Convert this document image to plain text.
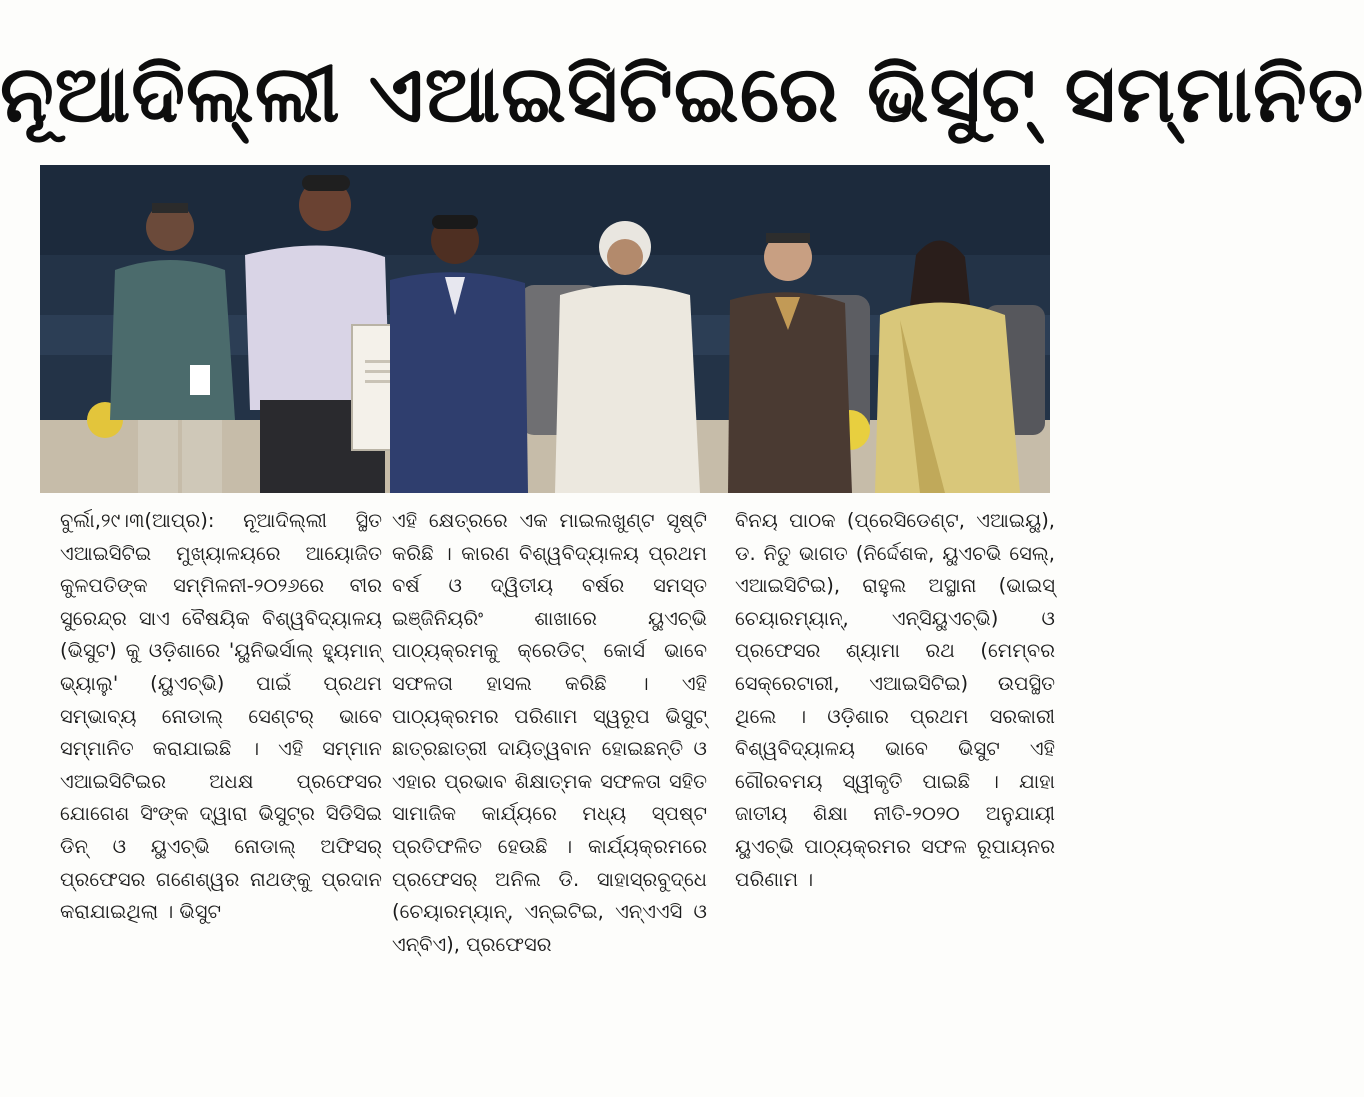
ନୂଆଦିଲ୍ଲୀ ଏଆଇସିଟିଇରେ ଭିସୁଟ୍ ସମ୍ମାନିତ

ବୁର୍ଲା,୨୯।୩(ଆପ୍ର): ନୂଆଦିଲ୍ଲୀ ସ୍ଥିତ ଏଆଇସିଟିଇ ମୁଖ୍ୟାଳୟରେ ଆୟୋଜିତ କୁଳପତିଙ୍କ ସମ୍ମିଳନୀ-୨୦୨୬ରେ ବୀର ସୁରେନ୍ଦ୍ର ସାଏ ବୈଷୟିକ ବିଶ୍ୱବିଦ୍ୟାଳୟ (ଭିସୁଟ) କୁ ଓଡ଼ିଶାରେ 'ୟୁନିଭର୍ସାଲ୍ ହ୍ୟୁମାନ୍ ଭ୍ୟାଲୁ' (ୟୁଏଚ୍‌ଭି) ପାଇଁ ପ୍ରଥମ ସମ୍ଭାବ୍ୟ ନୋଡାଲ୍ ସେଣ୍ଟର୍ ଭାବେ ସମ୍ମାନିତ କରାଯାଇଛି । ଏହି ସମ୍ମାନ ଏଆଇସିଟିଇର ଅଧକ୍ଷ ପ୍ରଫେସର ଯୋଗେଶ ସିଂଙ୍କ ଦ୍ୱାରା ଭିସୁଟ୍‌ର ସିଡିସିଇ ଡିନ୍ ଓ ୟୁଏଚ୍‌ଭି ନୋଡାଲ୍ ଅଫିସର୍ ପ୍ରଫେସର ଗଣେଶ୍ୱର ନାଥଙ୍କୁ ପ୍ରଦାନ କରାଯାଇଥିଲା । ଭିସୁଟ

ଏହି କ୍ଷେତ୍ରରେ ଏକ ମାଇଲଖୁଣ୍ଟ ସୃଷ୍ଟି କରିଛି । କାରଣ ବିଶ୍ୱବିଦ୍ୟାଳୟ ପ୍ରଥମ ବର୍ଷ ଓ ଦ୍ୱିତୀୟ ବର୍ଷର ସମସ୍ତ ଇଞ୍ଜିନିୟରିଂ ଶାଖାରେ ୟୁଏଚ୍‌ଭି ପାଠ୍ୟକ୍ରମକୁ କ୍ରେଡିଟ୍ କୋର୍ସ ଭାବେ ସଫଳତା ହାସଲ କରିଛି । ଏହି ପାଠ୍ୟକ୍ରମର ପରିଣାମ ସ୍ୱରୂପ ଭିସୁଟ୍ ଛାତ୍ରଛାତ୍ରୀ ଦାୟିତ୍ୱବାନ ହୋଇଛନ୍ତି ଓ ଏହାର ପ୍ରଭାବ ଶିକ୍ଷାତ୍ମକ ସଫଳତା ସହିତ ସାମାଜିକ କାର୍ଯ୍ୟରେ ମଧ୍ୟ ସ୍ପଷ୍ଟ ପ୍ରତିଫଳିତ ହେଉଛି । କାର୍ଯ୍ୟକ୍ରମରେ ପ୍ରଫେସର୍ ଅନିଲ ଡି. ସାହାସ୍ରବୁଦ୍ଧେ (ଚେୟାରମ୍ୟାନ୍, ଏନ୍‌ଇଟିଇ, ଏନ୍‌ଏଏସି ଓ ଏନ୍‌ବିଏ), ପ୍ରଫେସର

ବିନୟ ପାଠକ (ପ୍ରେସିଡେଣ୍ଟ, ଏଆଇୟୁ), ଡ. ନିତୁ ଭାଗତ (ନିର୍ଦ୍ଦେଶକ, ୟୁଏଚଭି ସେଲ୍, ଏଆଇସିଟିଇ), ରାହୁଲ ଅସ୍ଥାନା (ଭାଇସ୍ ଚେୟାରମ୍ୟାନ୍, ଏନ୍‌ସିୟୁଏଚ୍‌ଭି) ଓ ପ୍ରଫେସର ଶ୍ୟାମା ରଥ (ମେମ୍ବର ସେକ୍ରେଟାରୀ, ଏଆଇସିଟିଇ) ଉପସ୍ଥିତ ଥିଲେ । ଓଡ଼ିଶାର ପ୍ରଥମ ସରକାରୀ ବିଶ୍ୱବିଦ୍ୟାଳୟ ଭାବେ ଭିସୁଟ ଏହି ଗୌରବମୟ ସ୍ୱୀକୃତି ପାଇଛି । ଯାହା ଜାତୀୟ ଶିକ୍ଷା ନୀତି-୨୦୨୦ ଅନୁଯାୟୀ ୟୁଏଚ୍‌ଭି ପାଠ୍ୟକ୍ରମର ସଫଳ ରୂପାୟନର ପରିଣାମ ।
